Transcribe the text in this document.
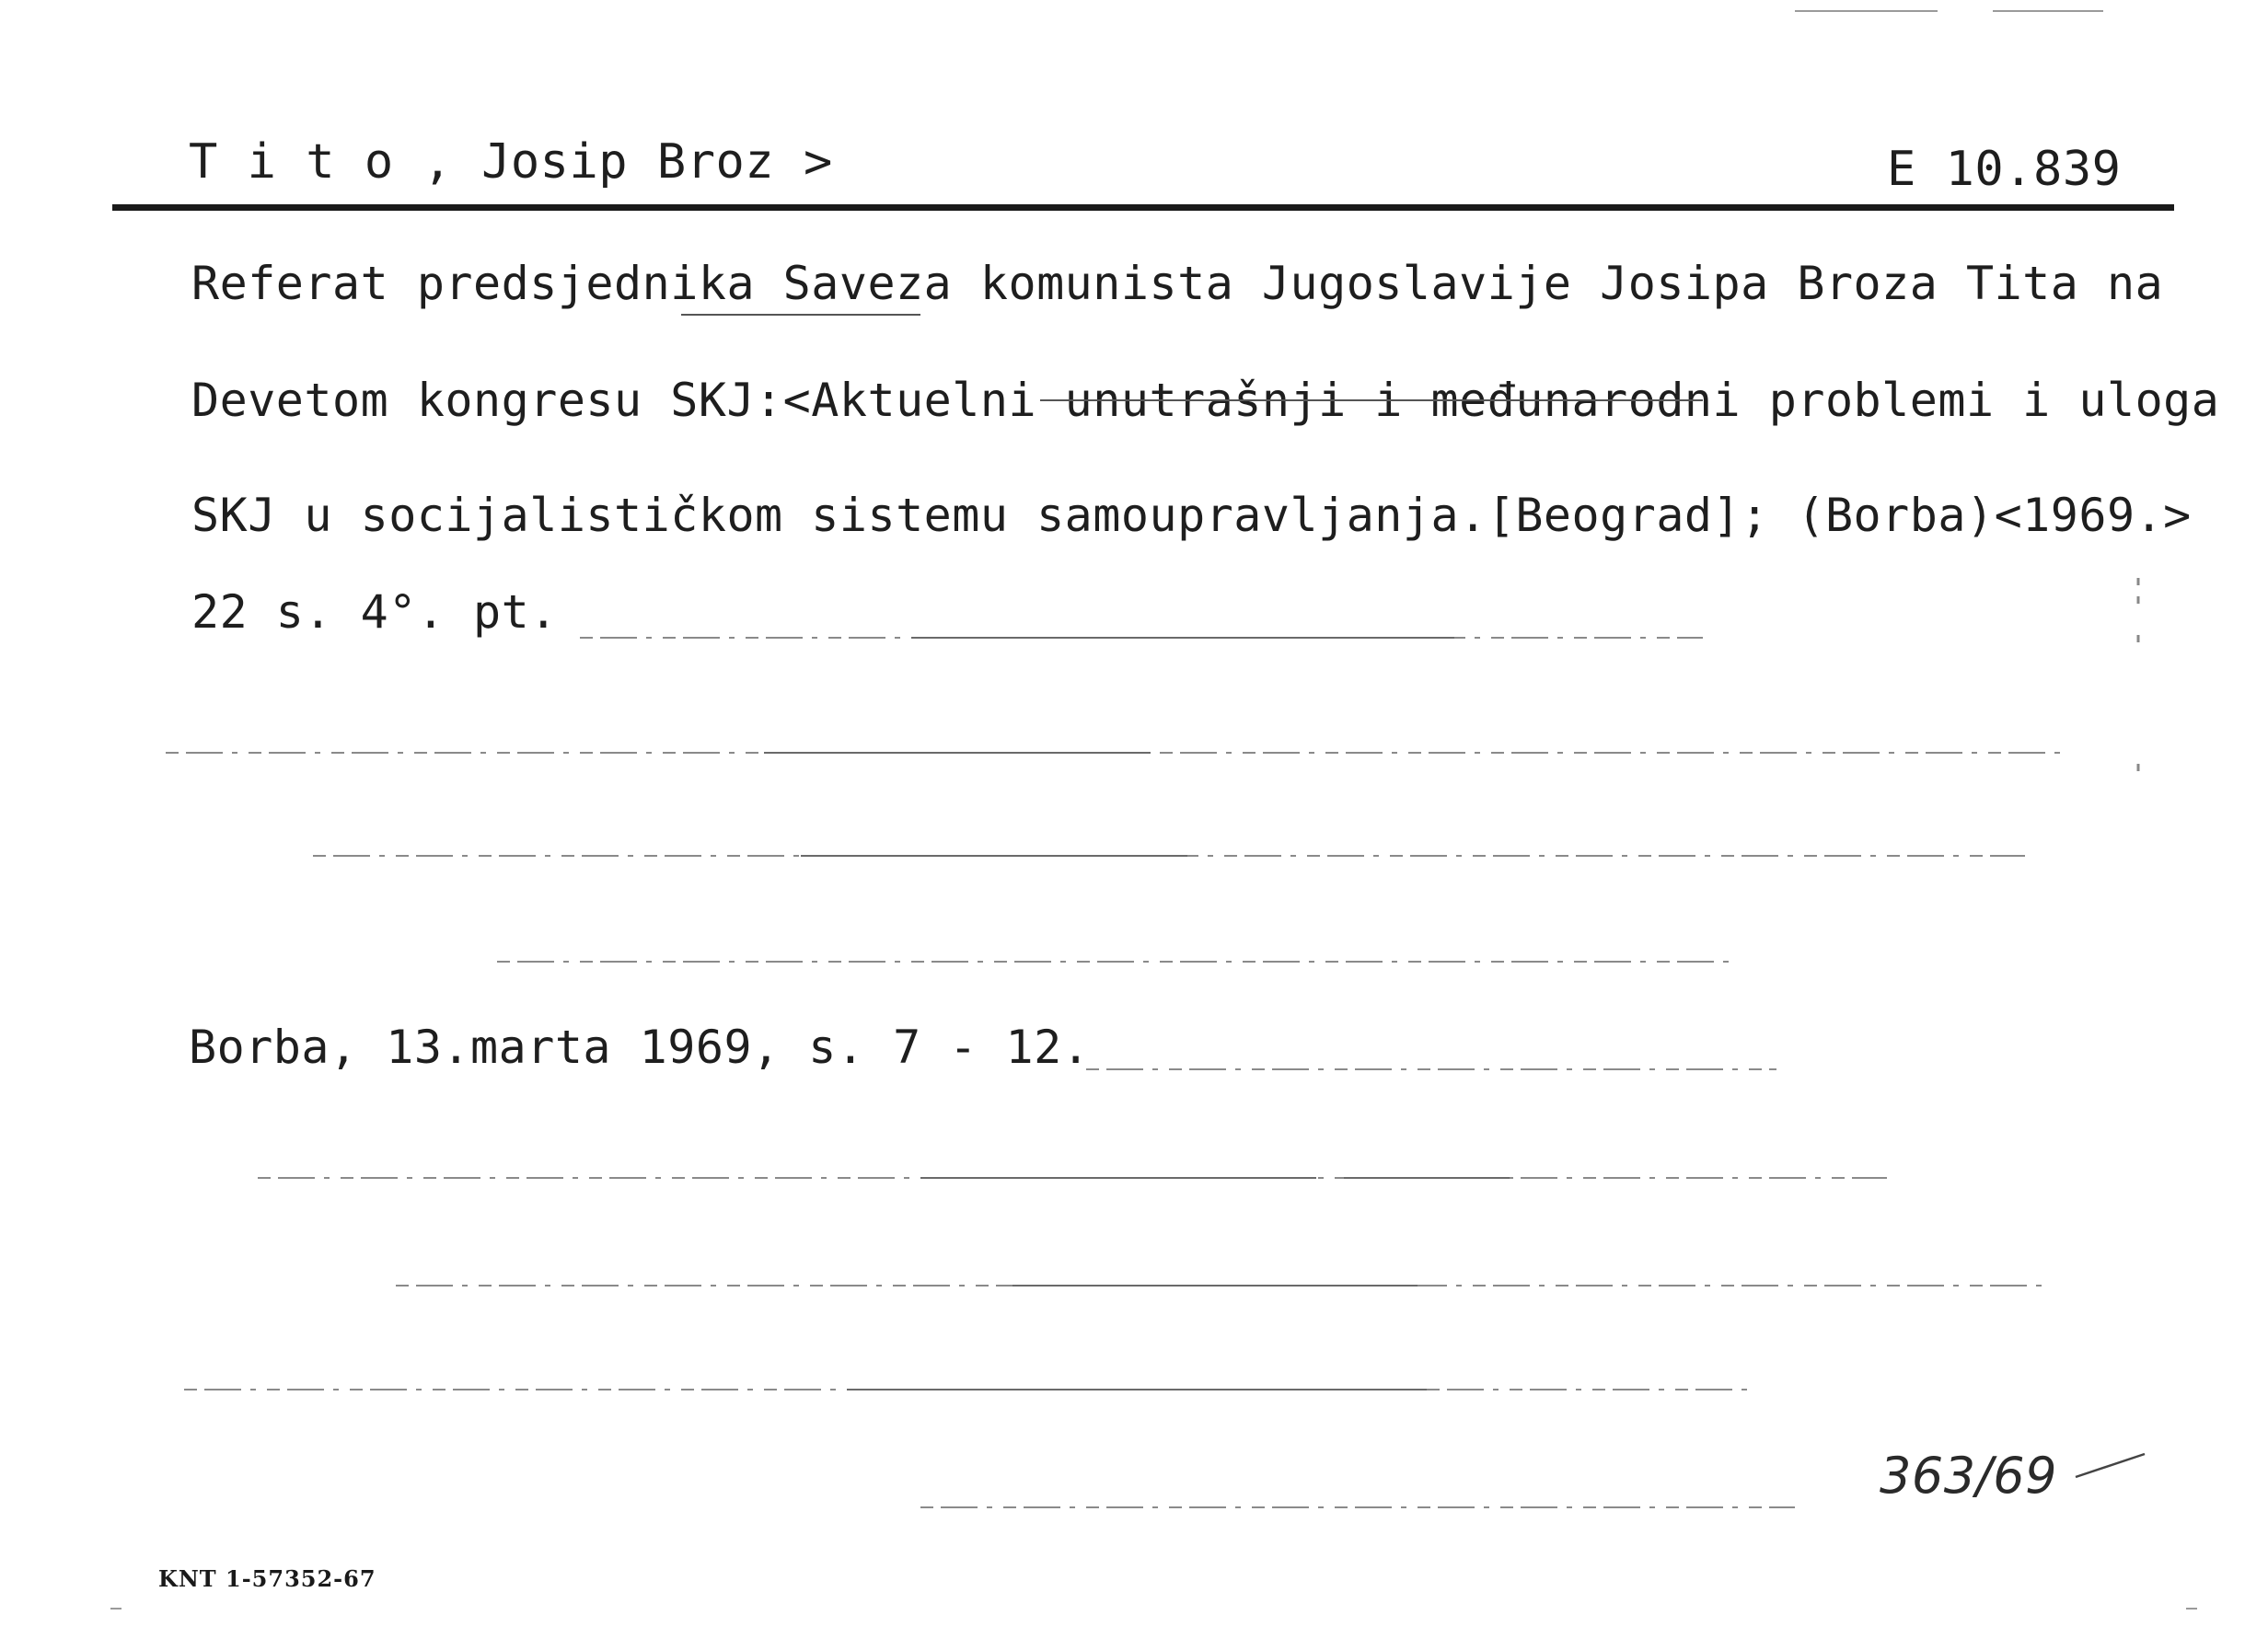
T i t o , Josip Broz >	E 10.839
Referat predsjednika Saveza komunista Jugoslavije Josipa Broza Tita na
Devetom kongresu SKJ:<Aktuelni unutrašnji i međunarodni problemi i uloga
SKJ u socijalističkom sistemu samoupravljanja.[Beograd]; (Borba)<1969.>
22 s. 4°. pt.
Borba, 13.marta 1969, s. 7 - 12.
363/69
KNT 1-57352-67
